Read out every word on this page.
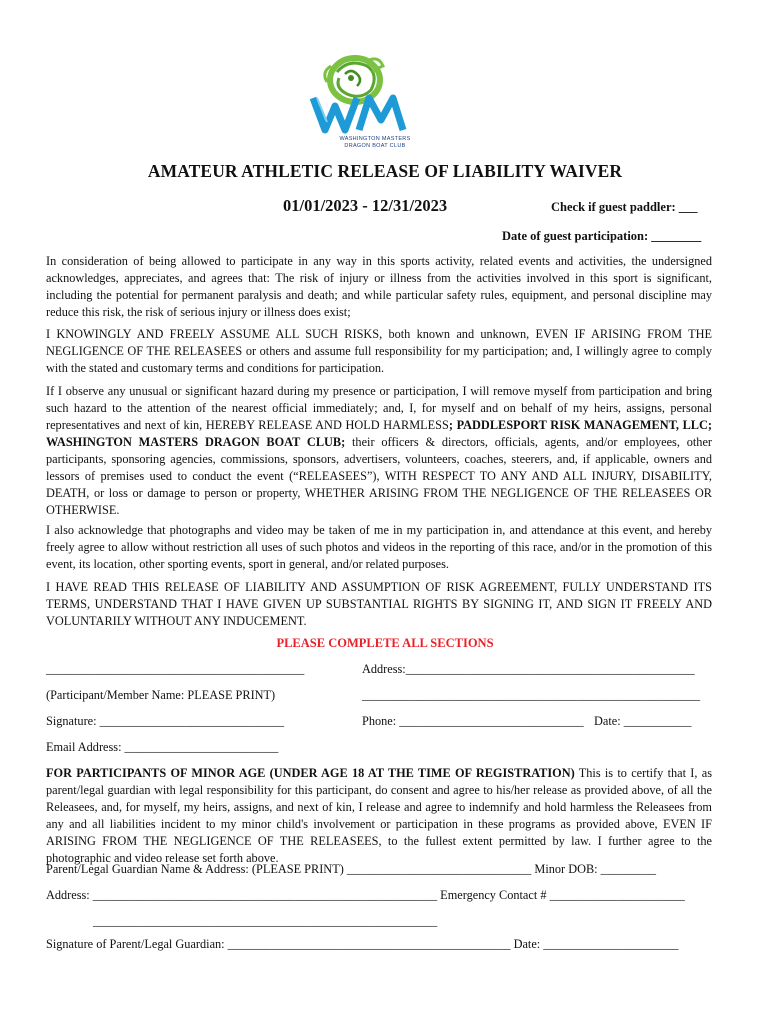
WASHINGTON MASTERS
DRAGON BOAT CLUB
AMATEUR ATHLETIC RELEASE OF LIABILITY WAIVER
01/01/2023 - 12/31/2023	Check if guest paddler: ___
Date of guest participation: ________

In consideration of being allowed to participate in any way in this sports activity, related events and activities, the undersigned acknowledges, appreciates, and agrees that: The risk of injury or illness from the activities involved in this sport is significant, including the potential for permanent paralysis and death; and while particular safety rules, equipment, and personal discipline may reduce this risk, the risk of serious injury or illness does exist;

I KNOWINGLY AND FREELY ASSUME ALL SUCH RISKS, both known and unknown, EVEN IF ARISING FROM THE NEGLIGENCE OF THE RELEASEES or others and assume full responsibility for my participation; and, I willingly agree to comply with the stated and customary terms and conditions for participation.

If I observe any unusual or significant hazard during my presence or participation, I will remove myself from participation and bring such hazard to the attention of the nearest official immediately; and, I, for myself and on behalf of my heirs, assigns, personal representatives and next of kin, HEREBY RELEASE AND HOLD HARMLESS; PADDLESPORT RISK MANAGEMENT, LLC; WASHINGTON MASTERS DRAGON BOAT CLUB; their officers & directors, officials, agents, and/or employees, other participants, sponsoring agencies, commissions, sponsors, advertisers, volunteers, coaches, steerers, and, if applicable, owners and lessors of premises used to conduct the event (“RELEASEES”), WITH RESPECT TO ANY AND ALL INJURY, DISABILITY, DEATH, or loss or damage to person or property, WHETHER ARISING FROM THE NEGLIGENCE OF THE RELEASEES OR OTHERWISE.

I also acknowledge that photographs and video may be taken of me in my participation in, and attendance at this event, and hereby freely agree to allow without restriction all uses of such photos and videos in the reporting of this race, and/or in the promotion of this event, its location, other sporting events, sport in general, and/or related purposes.

I HAVE READ THIS RELEASE OF LIABILITY AND ASSUMPTION OF RISK AGREEMENT, FULLY UNDERSTAND ITS TERMS, UNDERSTAND THAT I HAVE GIVEN UP SUBSTANTIAL RIGHTS BY SIGNING IT, AND SIGN IT FREELY AND VOLUNTARILY WITHOUT ANY INDUCEMENT.

PLEASE COMPLETE ALL SECTIONS
__________________________________________	Address:_______________________________________________
(Participant/Member Name: PLEASE PRINT)	_______________________________________________________
Signature: ______________________________	Phone: ______________________________ Date: ___________
Email Address: _________________________

FOR PARTICIPANTS OF MINOR AGE (UNDER AGE 18 AT THE TIME OF REGISTRATION) This is to certify that I, as parent/legal guardian with legal responsibility for this participant, do consent and agree to his/her release as provided above, of all the Releasees, and, for myself, my heirs, assigns, and next of kin, I release and agree to indemnify and hold harmless the Releasees from any and all liabilities incident to my minor child's involvement or participation in these programs as provided above, EVEN IF ARISING FROM THE NEGLIGENCE OF THE RELEASEES, to the fullest extent permitted by law. I further agree to the photographic and video release set forth above.

Parent/Legal Guardian Name & Address: (PLEASE PRINT) ______________________________ Minor DOB: _________
Address: ________________________________________________________ Emergency Contact # ______________________
________________________________________________________
Signature of Parent/Legal Guardian: ______________________________________________ Date: ______________________
